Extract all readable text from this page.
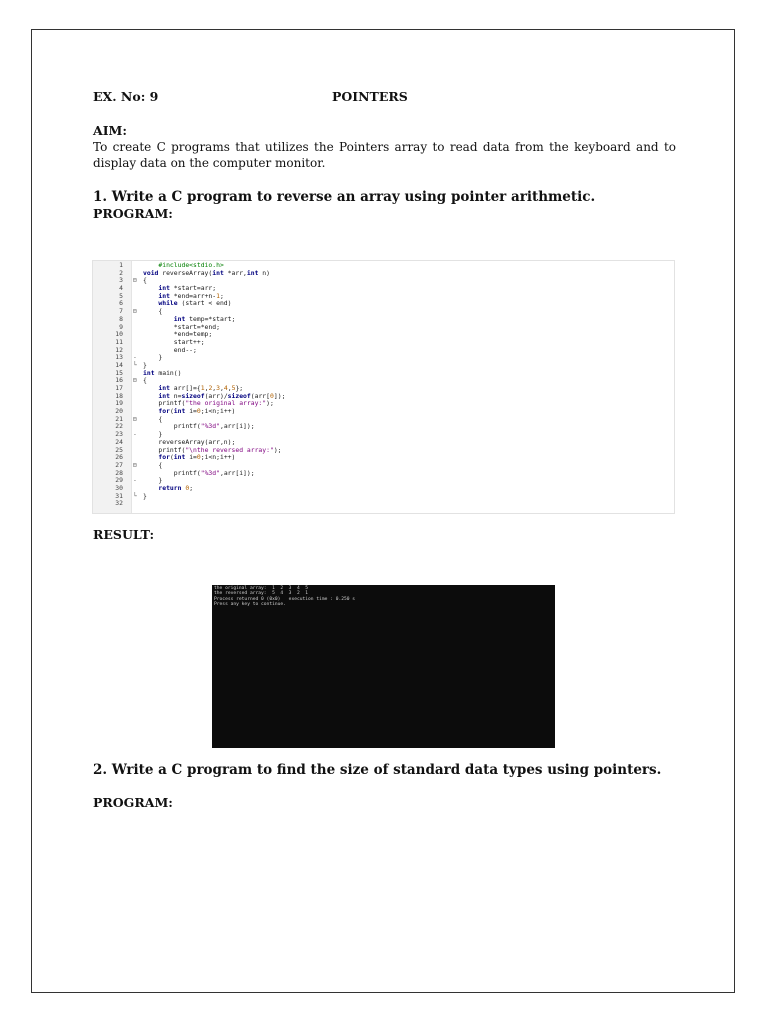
EX. No: 9	POINTERS
AIM:
To create C programs that utilizes the Pointers array to read data from the keyboard and to display data on the computer monitor.
1. Write a C program to reverse an array using pointer arithmetic.
PROGRAM:
1	#include<stdio.h>
2	void reverseArray(int *arr,int n)
3 ⊟ {
4	int *start=arr;
5	int *end=arr+n-1;
6	while (start < end)
7 ⊟ {
8	int temp=*start;
9	*start=*end;
10	*end=temp;
11	start++;
12	end--;
13 - }
14 └ }
15	int main()
16 ⊟ {
17	int arr[]={1,2,3,4,5};
18	int n=sizeof(arr)/sizeof(arr[0]);
19	printf("the original array:");
20	for(int i=0;i<n;i++)
21 ⊟ {
22	printf("%3d",arr[i]);
23 - }
24	reverseArray(arr,n);
25	printf("\nthe reversed array:");
26	for(int i=0;i<n;i++)
27 ⊟ {
28	printf("%3d",arr[i]);
29 - }
30	return 0;
31 └ }
32
RESULT:
the original array:  1  2  3  4  5
the reversed array:  5  4  3  2  1
Process returned 0 (0x0)   execution time : 0.250 s
Press any key to continue.
2. Write a C program to find the size of standard data types using pointers.
PROGRAM:
